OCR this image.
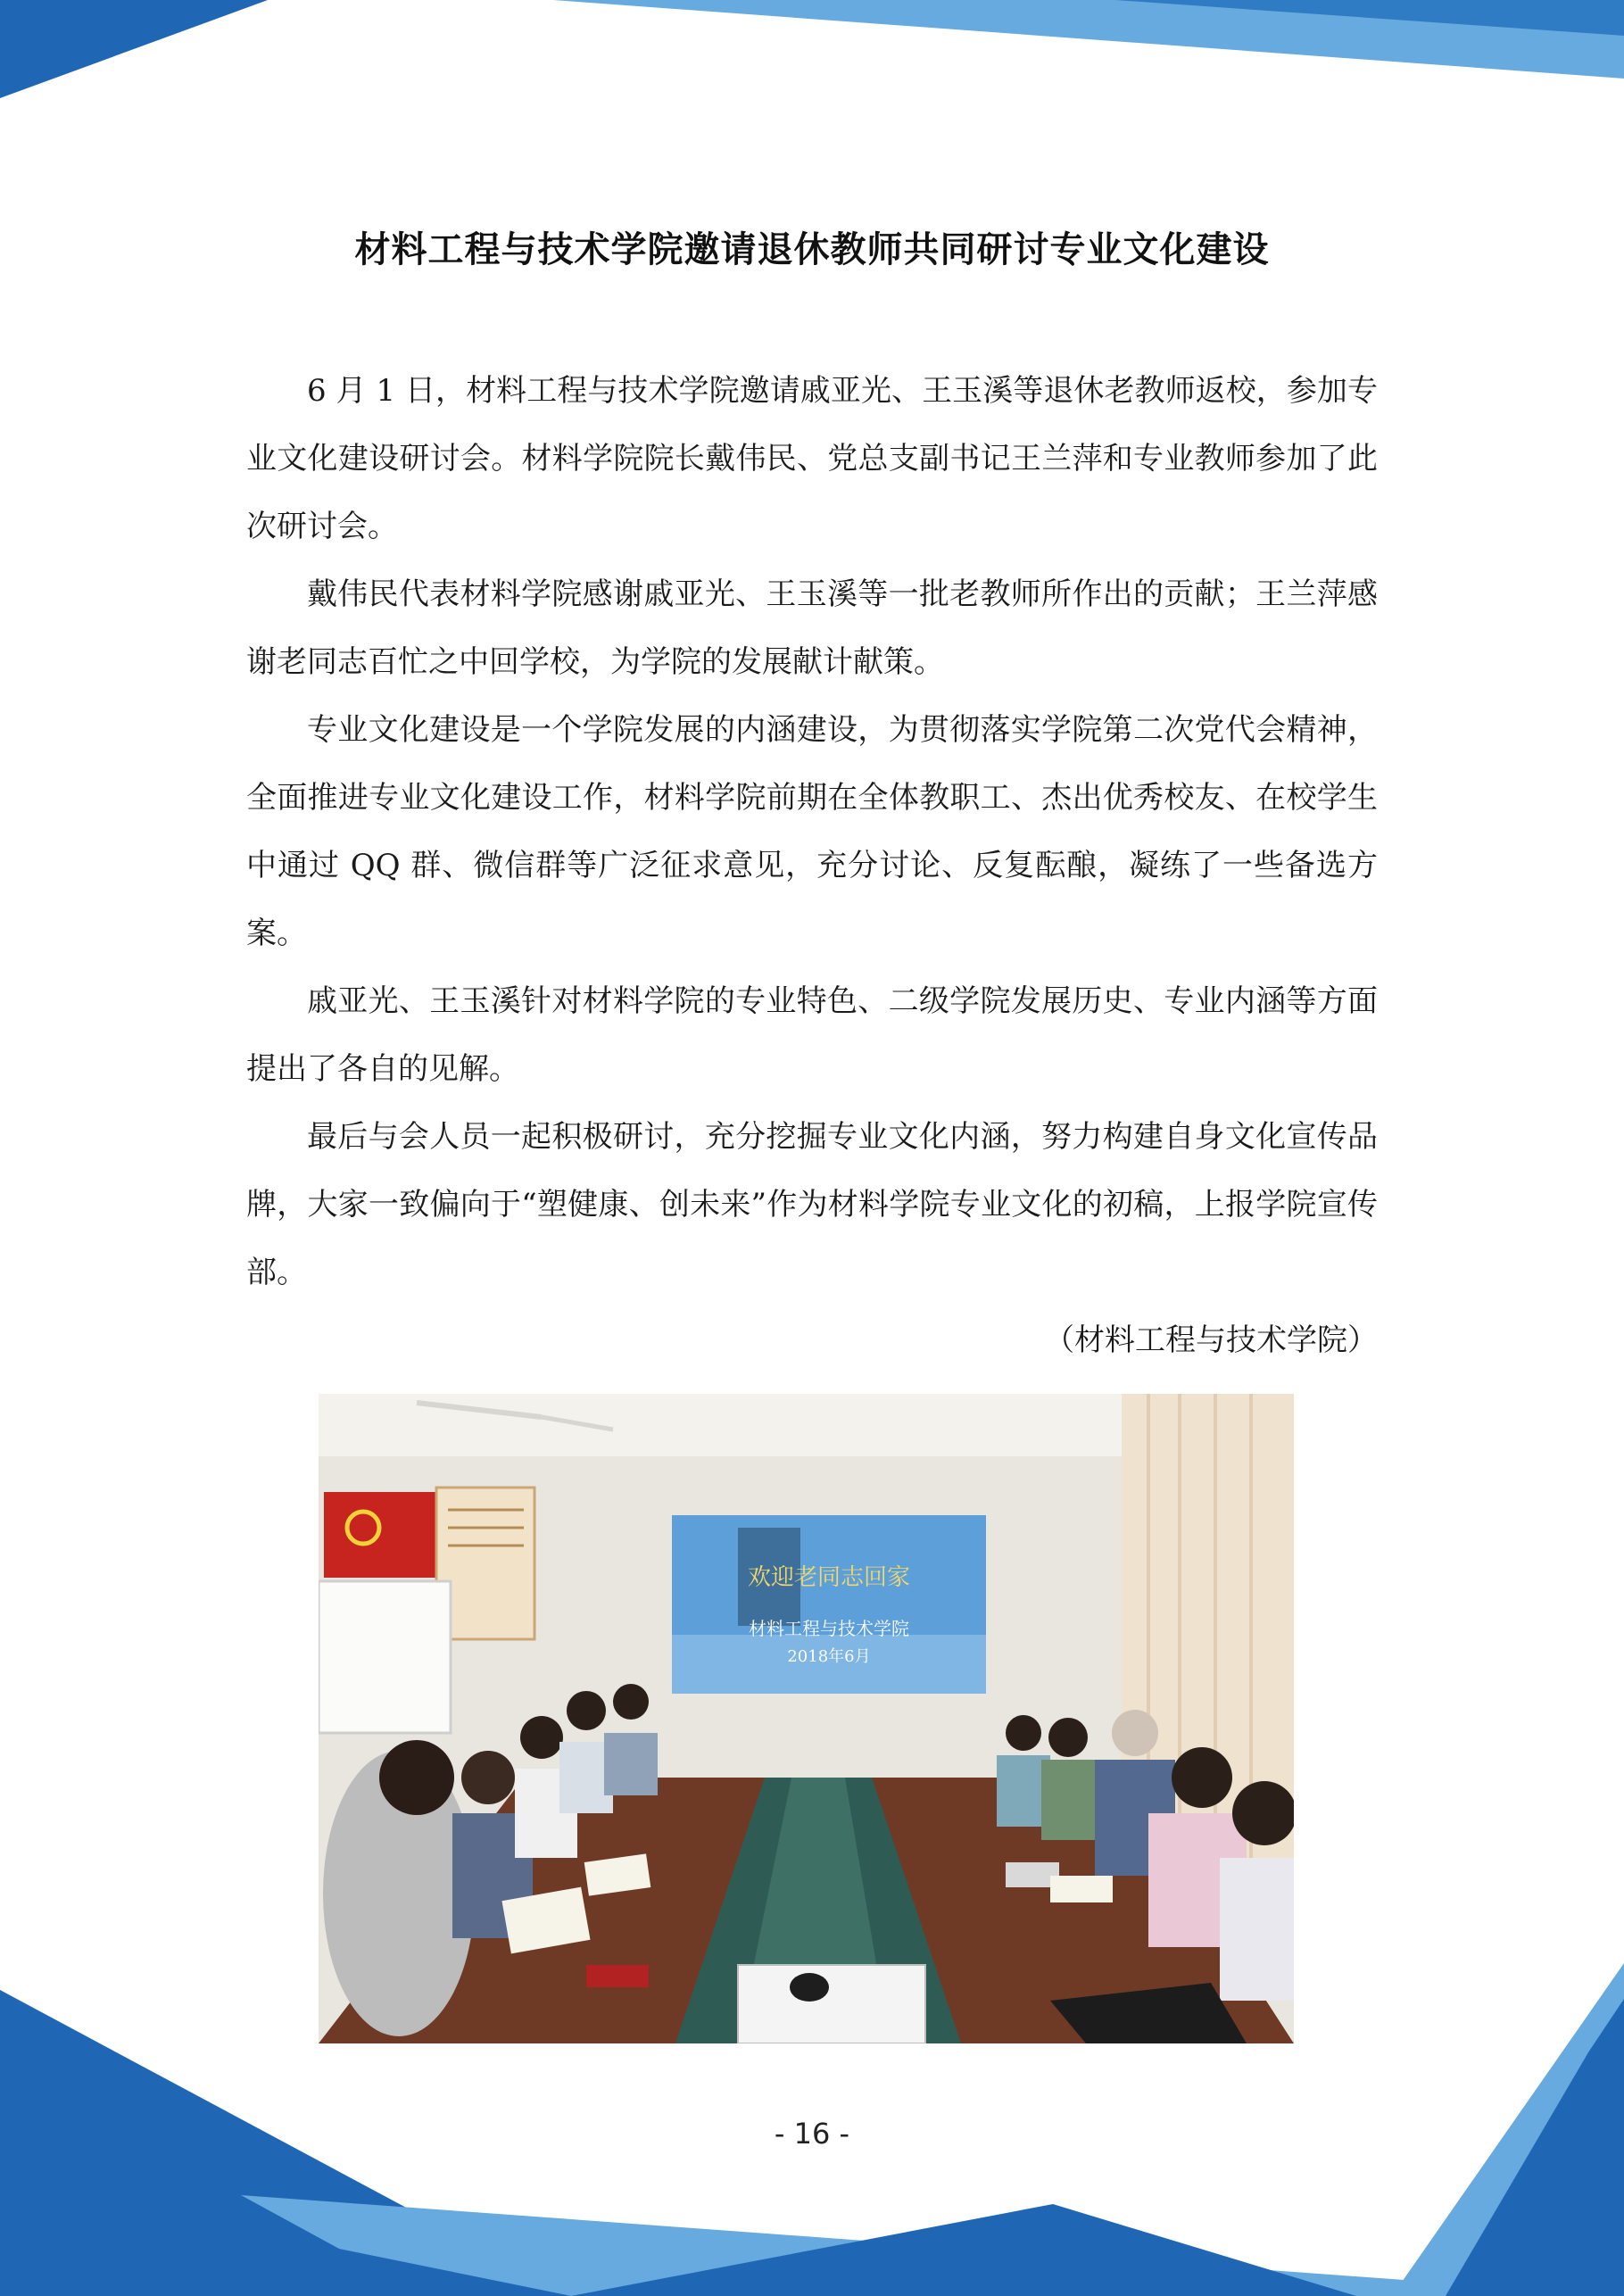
材料工程与技术学院邀请退休教师共同研讨专业文化建设

6 月 1 日，材料工程与技术学院邀请戚亚光、王玉溪等退休老教师返校，参加专业文化建设研讨会。材料学院院长戴伟民、党总支副书记王兰萍和专业教师参加了此次研讨会。

戴伟民代表材料学院感谢戚亚光、王玉溪等一批老教师所作出的贡献；王兰萍感谢老同志百忙之中回学校，为学院的发展献计献策。

专业文化建设是一个学院发展的内涵建设，为贯彻落实学院第二次党代会精神，全面推进专业文化建设工作，材料学院前期在全体教职工、杰出优秀校友、在校学生中通过 QQ 群、微信群等广泛征求意见，充分讨论、反复酝酿，凝练了一些备选方案。

戚亚光、王玉溪针对材料学院的专业特色、二级学院发展历史、专业内涵等方面提出了各自的见解。

最后与会人员一起积极研讨，充分挖掘专业文化内涵，努力构建自身文化宣传品牌，大家一致偏向于“塑健康、创未来”作为材料学院专业文化的初稿，上报学院宣传部。

（材料工程与技术学院）

欢迎老同志回家
材料工程与技术学院
2018年6月
- 16 -
